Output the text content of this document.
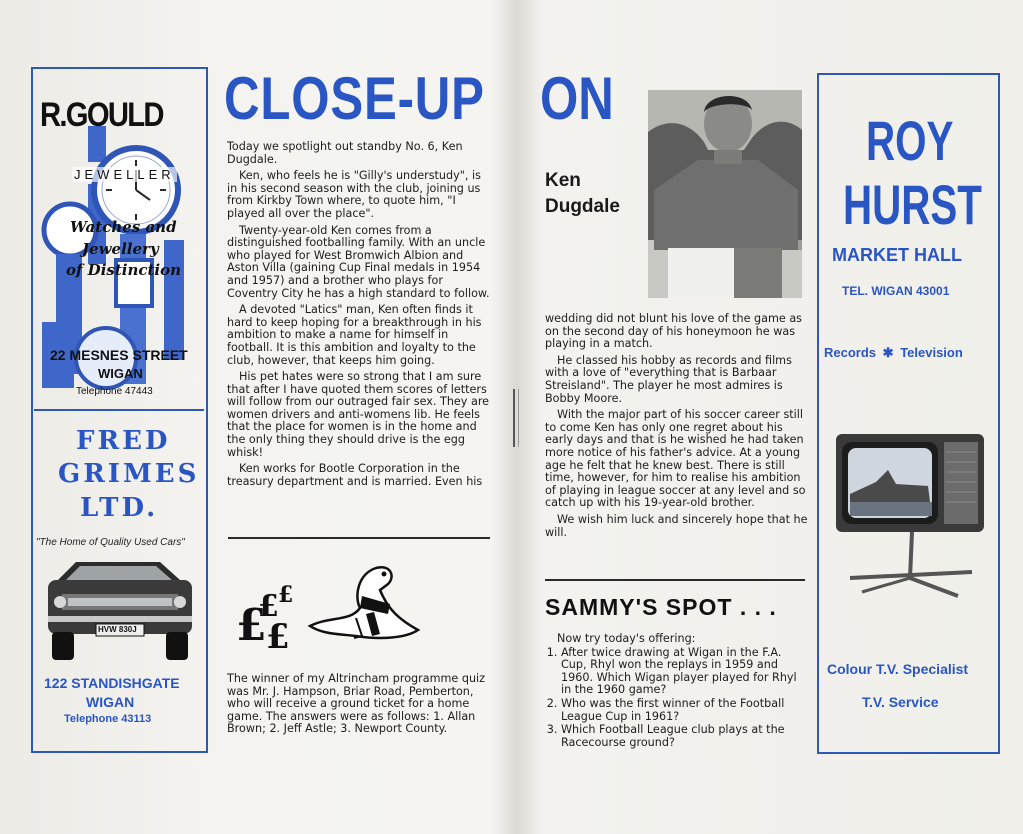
R.GOULD
JEWELLER
Watches and
Jewellery
of Distinction
22 MESNES STREET
WIGAN
Telephone 47443
FRED
GRIMES
LTD.
"The Home of Quality Used Cars"
HVW 830J
122 STANDISHGATE
WIGAN
Telephone 43113
CLOSE-UP ON
Ken
Dugdale

Today we spotlight out standby No. 6, Ken Dugdale.

Ken, who feels he is "Gilly's understudy", is in his second season with the club, joining us from Kirkby Town where, to quote him, "I played all over the place".

Twenty-year-old Ken comes from a distinguished footballing family. With an uncle who played for West Bromwich Albion and Aston Villa (gaining Cup Final medals in 1954 and 1957) and a brother who plays for Coventry City he has a high standard to follow.

A devoted "Latics" man, Ken often finds it hard to keep hoping for a breakthrough in his ambition to make a name for himself in football. It is this ambition and loyalty to the club, however, that keeps him going.

His pet hates were so strong that I am sure that after I have quoted them scores of letters will follow from our outraged fair sex. They are women drivers and anti-womens lib. He feels that the place for women is in the home and the only thing they should drive is the egg whisk!

Ken works for Bootle Corporation in the treasury department and is married. Even his

£
£ £
£

The winner of my Altrincham programme quiz was Mr. J. Hampson, Briar Road, Pemberton, who will receive a ground ticket for a home game. The answers were as follows: 1. Allan Brown; 2. Jeff Astle; 3. Newport County.

wedding did not blunt his love of the game as on the second day of his honeymoon he was playing in a match.

He classed his hobby as records and films with a love of "everything that is Barbaar Streisland". The player he most admires is Bobby Moore.

With the major part of his soccer career still to come Ken has only one regret about his early days and that is he wished he had taken more notice of his father's advice. At a young age he felt that he knew best. There is still time, however, for him to realise his ambition of playing in league soccer at any level and so catch up with his 19-year-old brother.

We wish him luck and sincerely hope that he will.

SAMMY'S SPOT . . .

Now try today's offering:

1. After twice drawing at Wigan in the F.A. Cup, Rhyl won the replays in 1959 and 1960. Which Wigan player played for Rhyl in the 1960 game?
2. Who was the first winner of the Football League Cup in 1961?
3. Which Football League club plays at the Racecourse ground?
ROY
HURST
MARKET HALL
TEL. WIGAN 43001
Records ✱ Television
Colour T.V. Specialist
T.V. Service
